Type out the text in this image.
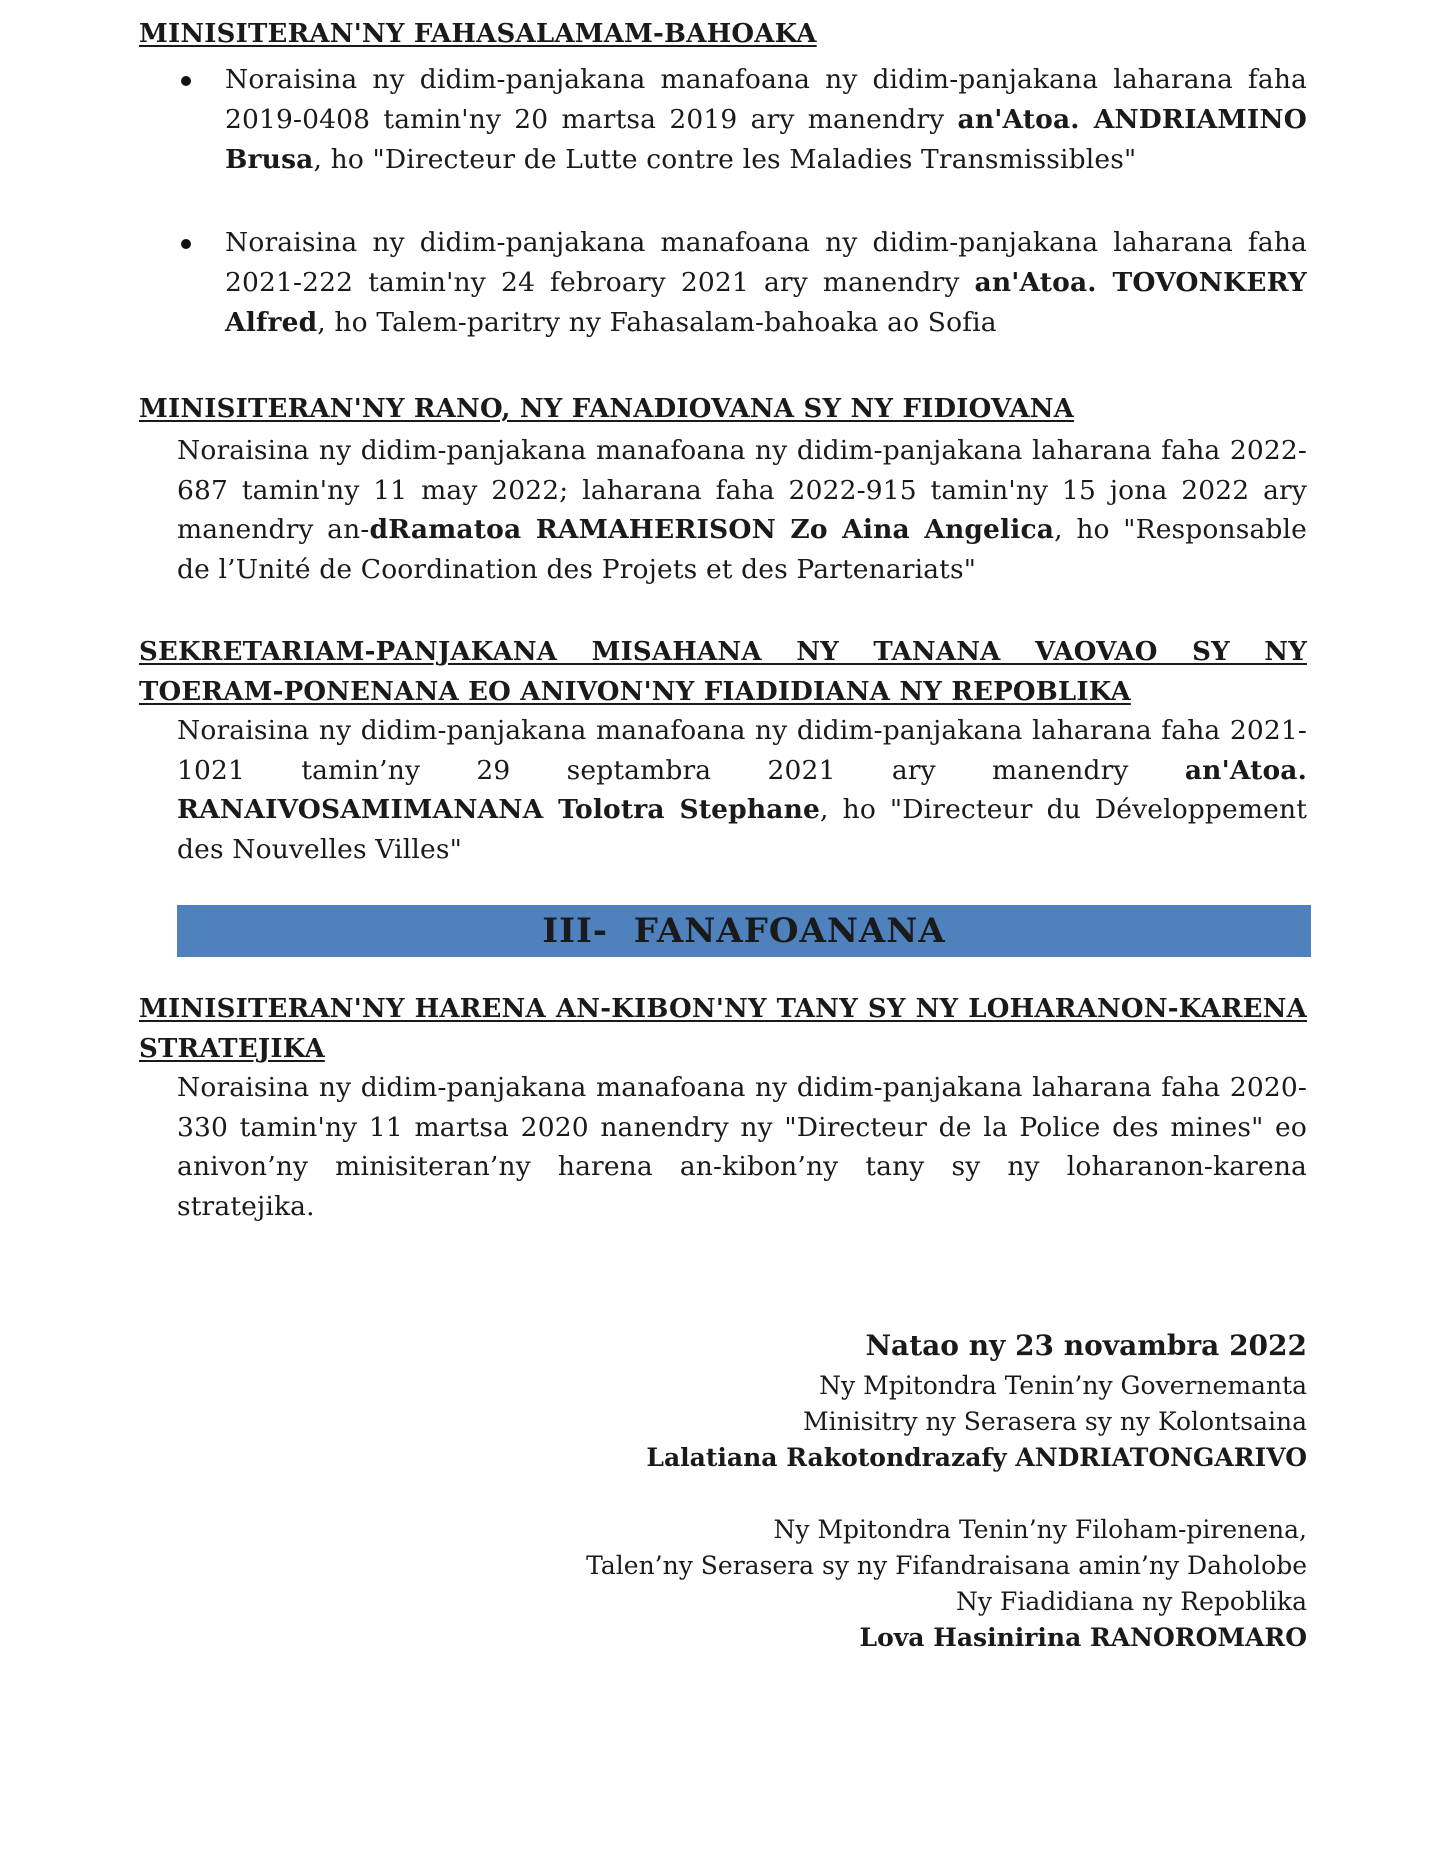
MINISITERAN'NY FAHASALAMAM-BAHOAKA

Noraisina ny didim-panjakana manafoana ny didim-panjakana laharana faha 2019-0408 tamin'ny 20 martsa 2019 ary manendry an'Atoa. ANDRIAMINO Brusa, ho "Directeur de Lutte contre les Maladies Transmissibles"

Noraisina ny didim-panjakana manafoana ny didim-panjakana laharana faha 2021-222 tamin'ny 24 febroary 2021 ary manendry an'Atoa. TOVONKERY Alfred, ho Talem-paritry ny Fahasalam-bahoaka ao Sofia

MINISITERAN'NY RANO, NY FANADIOVANA SY NY FIDIOVANA

Noraisina ny didim-panjakana manafoana ny didim-panjakana laharana faha 2022-687 tamin'ny 11 may 2022; laharana faha 2022-915 tamin'ny 15 jona 2022 ary manendry an-dRamatoa RAMAHERISON Zo Aina Angelica, ho "Responsable de l’Unité de Coordination des Projets et des Partenariats"

SEKRETARIAM-PANJAKANA MISAHANA NY TANANA VAOVAO SY NY TOERAM-PONENANA EO ANIVON'NY FIADIDIANA NY REPOBLIKA

Noraisina ny didim-panjakana manafoana ny didim-panjakana laharana faha 2021-1021 tamin’ny 29 septambra 2021 ary manendry an'Atoa. RANAIVOSAMIMANANA Tolotra Stephane, ho "Directeur du Développement des Nouvelles Villes"

III-  FANAFOANANA
MINISITERAN'NY HARENA AN-KIBON'NY TANY SY NY LOHARANON-KARENA STRATEJIKA

Noraisina ny didim-panjakana manafoana ny didim-panjakana laharana faha 2020-330 tamin'ny 11 martsa 2020 nanendry ny "Directeur de la Police des mines" eo anivon’ny minisiteran’ny harena an-kibon’ny tany sy ny loharanon-karena stratejika.

Natao ny 23 novambra 2022
Ny Mpitondra Tenin’ny Governemanta
Minisitry ny Serasera sy ny Kolontsaina
Lalatiana Rakotondrazafy ANDRIATONGARIVO
Ny Mpitondra Tenin’ny Filoham-pirenena,
Talen’ny Serasera sy ny Fifandraisana amin’ny Daholobe
Ny Fiadidiana ny Repoblika
Lova Hasinirina RANOROMARO
